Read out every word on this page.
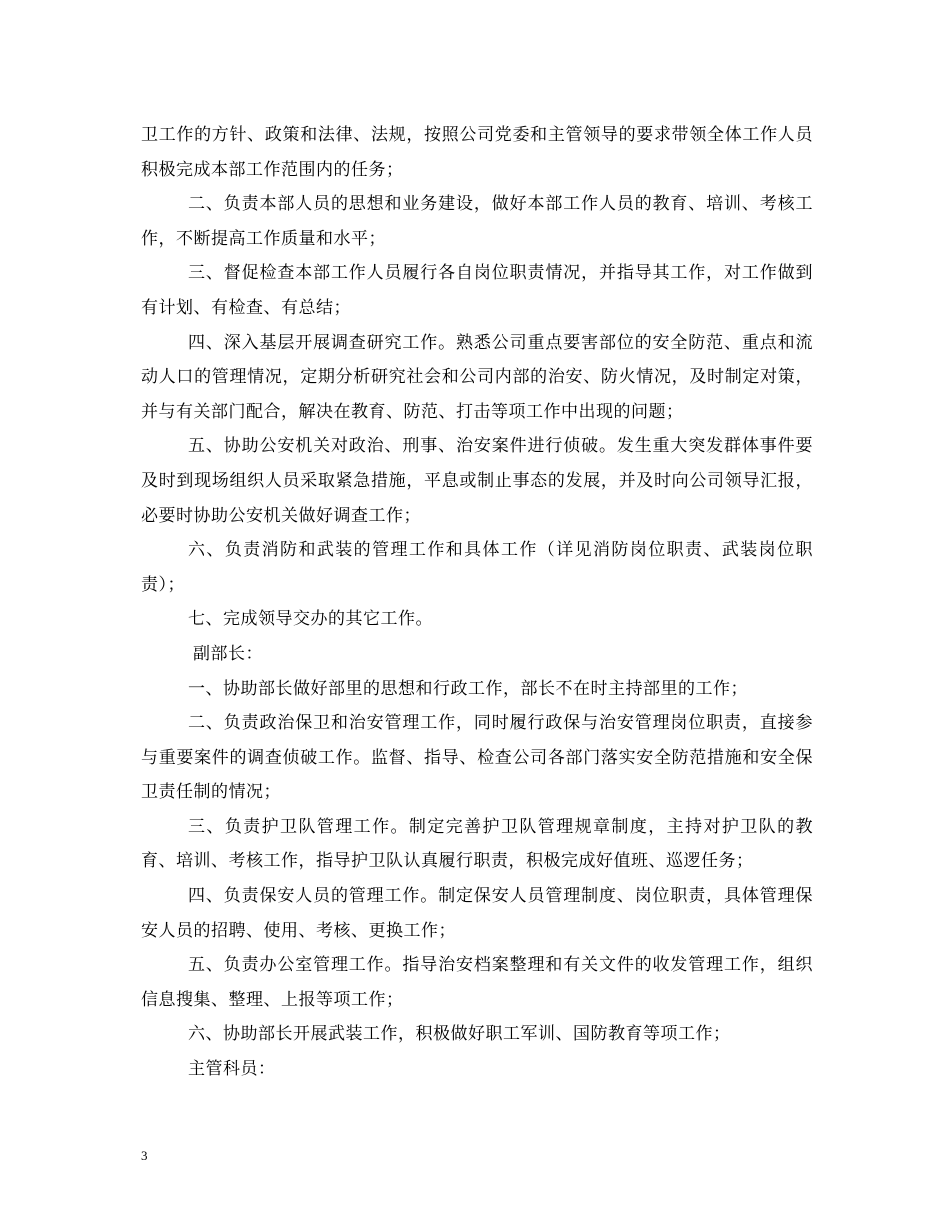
卫工作的方针、政策和法律、法规，按照公司党委和主管领导的要求带领全体工作人员积极完成本部工作范围内的任务；

二、负责本部人员的思想和业务建设，做好本部工作人员的教育、培训、考核工作，不断提高工作质量和水平；

三、督促检查本部工作人员履行各自岗位职责情况，并指导其工作，对工作做到有计划、有检查、有总结；

四、深入基层开展调查研究工作。熟悉公司重点要害部位的安全防范、重点和流动人口的管理情况，定期分析研究社会和公司内部的治安、防火情况，及时制定对策，并与有关部门配合，解决在教育、防范、打击等项工作中出现的问题；

五、协助公安机关对政治、刑事、治安案件进行侦破。发生重大突发群体事件要及时到现场组织人员采取紧急措施，平息或制止事态的发展，并及时向公司领导汇报，必要时协助公安机关做好调查工作；

六、负责消防和武装的管理工作和具体工作（详见消防岗位职责、武装岗位职责）；

七、完成领导交办的其它工作。

副部长：

一、协助部长做好部里的思想和行政工作，部长不在时主持部里的工作；

二、负责政治保卫和治安管理工作，同时履行政保与治安管理岗位职责，直接参与重要案件的调查侦破工作。监督、指导、检查公司各部门落实安全防范措施和安全保卫责任制的情况；

三、负责护卫队管理工作。制定完善护卫队管理规章制度，主持对护卫队的教育、培训、考核工作，指导护卫队认真履行职责，积极完成好值班、巡逻任务；

四、负责保安人员的管理工作。制定保安人员管理制度、岗位职责，具体管理保安人员的招聘、使用、考核、更换工作；

五、负责办公室管理工作。指导治安档案整理和有关文件的收发管理工作，组织信息搜集、整理、上报等项工作；

六、协助部长开展武装工作，积极做好职工军训、国防教育等项工作；

主管科员：

3
